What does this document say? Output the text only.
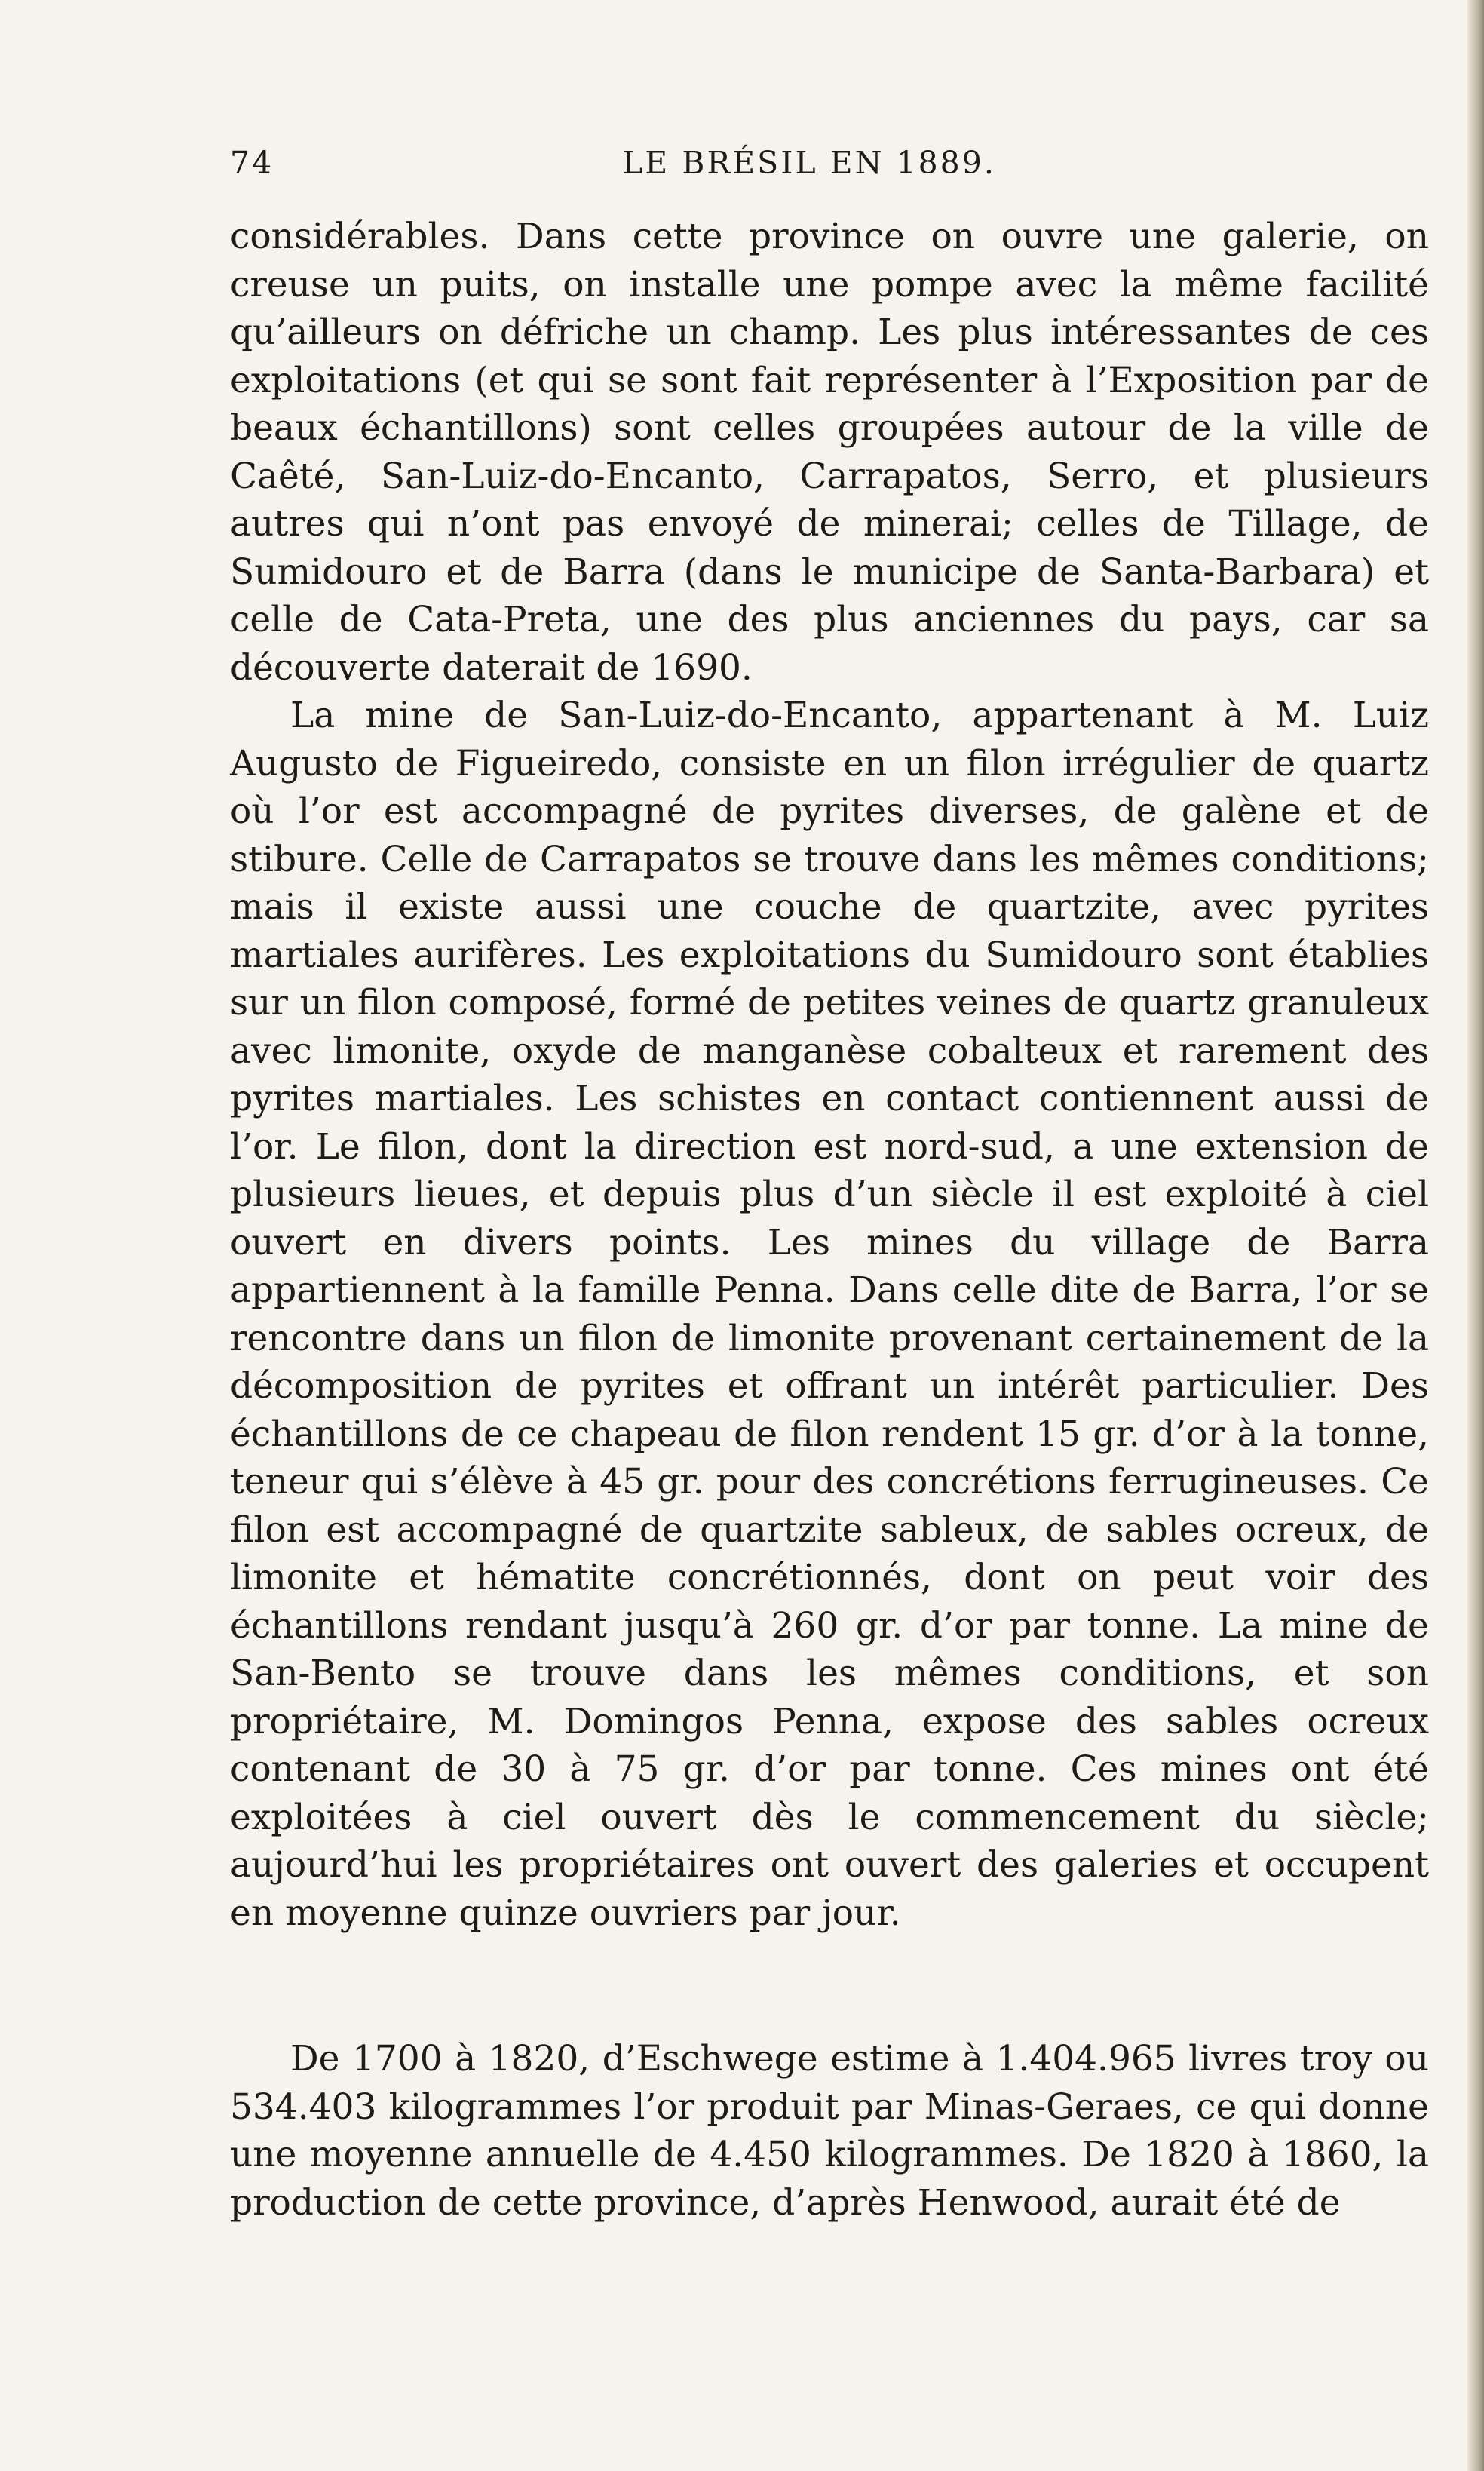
74	LE BRÉSIL EN 1889.

considérables. Dans cette province on ouvre une galerie, on creuse un puits, on installe une pompe avec la même facilité qu’ailleurs on défriche un champ. Les plus intéressantes de ces exploitations (et qui se sont fait représenter à l’Exposition par de beaux échantillons) sont celles groupées autour de la ville de Caêté, San-Luiz-do-Encanto, Carrapatos, Serro, et plusieurs autres qui n’ont pas envoyé de minerai; celles de Tillage, de Sumidouro et de Barra (dans le municipe de Santa-Barbara) et celle de Cata-Preta, une des plus anciennes du pays, car sa découverte daterait de 1690.

La mine de San-Luiz-do-Encanto, appartenant à M. Luiz Augusto de Figueiredo, consiste en un filon irrégulier de quartz où l’or est accompagné de pyrites diverses, de galène et de stibure. Celle de Carrapatos se trouve dans les mêmes conditions; mais il existe aussi une couche de quartzite, avec pyrites martiales aurifères. Les exploitations du Sumidouro sont établies sur un filon composé, formé de petites veines de quartz granuleux avec limonite, oxyde de manganèse cobalteux et rarement des pyrites martiales. Les schistes en contact contiennent aussi de l’or. Le filon, dont la direction est nord-sud, a une extension de plusieurs lieues, et depuis plus d’un siècle il est exploité à ciel ouvert en divers points. Les mines du village de Barra appartiennent à la famille Penna. Dans celle dite de Barra, l’or se rencontre dans un filon de limonite provenant certainement de la décomposition de pyrites et offrant un intérêt particulier. Des échantillons de ce chapeau de filon rendent 15 gr. d’or à la tonne, teneur qui s’élève à 45 gr. pour des concrétions ferrugineuses. Ce filon est accompagné de quartzite sableux, de sables ocreux, de limonite et hématite concrétionnés, dont on peut voir des échantillons rendant jusqu’à 260 gr. d’or par tonne. La mine de San-Bento se trouve dans les mêmes conditions, et son propriétaire, M. Domingos Penna, expose des sables ocreux contenant de 30 à 75 gr. d’or par tonne. Ces mines ont été exploitées à ciel ouvert dès le commencement du siècle; aujourd’hui les propriétaires ont ouvert des galeries et occupent en moyenne quinze ouvriers par jour.

De 1700 à 1820, d’Eschwege estime à 1.404.965 livres troy ou 534.403 kilogrammes l’or produit par Minas-Geraes, ce qui donne une moyenne annuelle de 4.450 kilogrammes. De 1820 à 1860, la production de cette province, d’après Henwood, aurait été de
